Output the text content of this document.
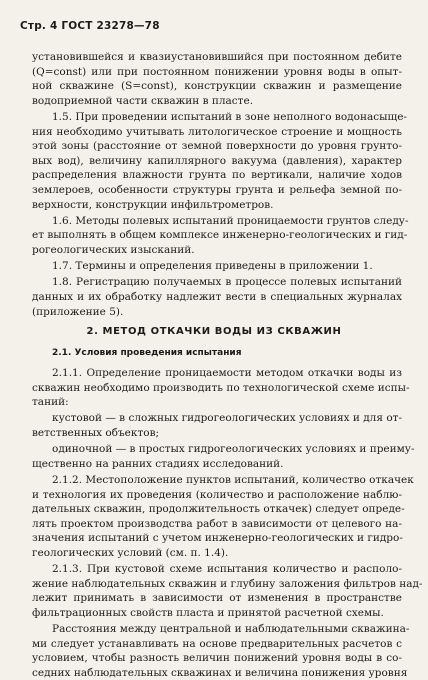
Стр. 4 ГОСТ 23278—78
установившейся и квазиустановившийся при постоянном дебите
(Q=const) или при постоянном понижении уровня воды в опыт-
ной скважине (S=const), конструкции скважин и размещение
водоприемной части скважин в пласте.
1.5. При проведении испытаний в зоне неполного водонасыще-
ния необходимо учитывать литологическое строение и мощность
этой зоны (расстояние от земной поверхности до уровня грунто-
вых вод), величину капиллярного вакуума (давления), характер
распределения влажности грунта по вертикали, наличие ходов
землероев, особенности структуры грунта и рельефа земной по-
верхности, конструкции инфильтрометров.
1.6. Методы полевых испытаний проницаемости грунтов следу-
ет выполнять в общем комплексе инженерно-геологических и гид-
рогеологических изысканий.
1.7. Термины и определения приведены в приложении 1.
1.8. Регистрацию получаемых в процессе полевых испытаний
данных и их обработку надлежит вести в специальных журналах
(приложение 5).
2. МЕТОД ОТКАЧКИ ВОДЫ ИЗ СКВАЖИН
2.1. Условия проведения испытания
2.1.1. Определение проницаемости методом откачки воды из
скважин необходимо производить по технологической схеме испы-
таний:
кустовой — в сложных гидрогеологических условиях и для от-
ветственных объектов;
одиночной — в простых гидрогеологических условиях и преиму-
щественно на ранних стадиях исследований.
2.1.2. Местоположение пунктов испытаний, количество откачек
и технология их проведения (количество и расположение наблю-
дательных скважин, продолжительность откачек) следует опреде-
лять проектом производства работ в зависимости от целевого на-
значения испытаний с учетом инженерно-геологических и гидро-
геологических условий (см. п. 1.4).
2.1.3. При кустовой схеме испытания количество и располо-
жение наблюдательных скважин и глубину заложения фильтров над-
лежит принимать в зависимости от изменения в пространстве
фильтрационных свойств пласта и принятой расчетной схемы.
Расстояния между центральной и наблюдательными скважина-
ми следует устанавливать на основе предварительных расчетов с
условием, чтобы разность величин понижений уровня воды в со-
седних наблюдательных скважинах и величина понижения уровня
